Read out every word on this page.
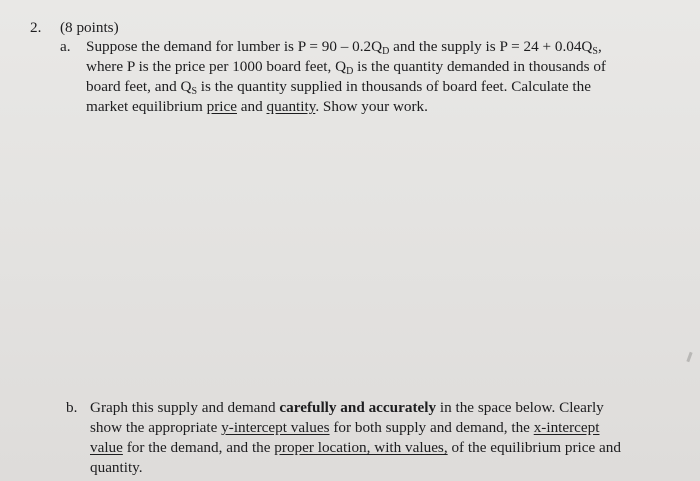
2. (8 points)
a. Suppose the demand for lumber is $P = 90 - 0.2Q_D$ and the supply is $P = 24 + 0.04Q_S$,
where P is the price per 1000 board feet, $Q_D$ is the quantity demanded in thousands of
board feet, and $Q_S$ is the quantity supplied in thousands of board feet. Calculate the
market equilibrium price and quantity. Show your work.
b. Graph this supply and demand carefully and accurately in the space below. Clearly
show the appropriate y-intercept values for both supply and demand, the x-intercept
value for the demand, and the proper location, with values, of the equilibrium price and
quantity.
